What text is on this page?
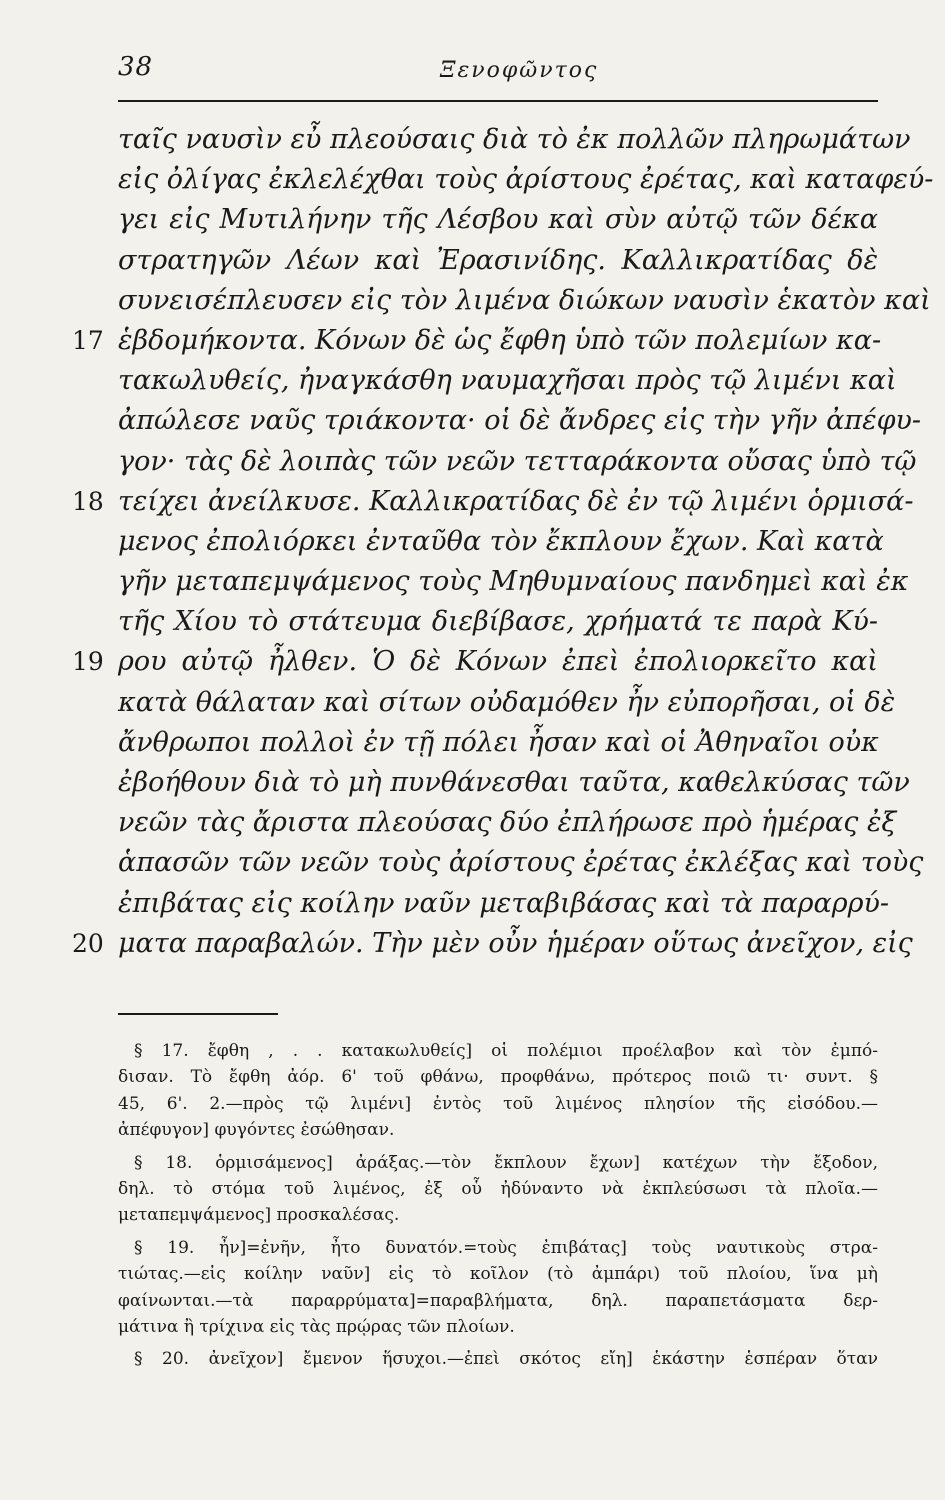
38	Ξενοφῶντος
ταῖς ναυσὶν εὖ πλεούσαις διὰ τὸ ἐκ πολλῶν πληρωμάτων
εἰς ὀλίγας ἐκλελέχθαι τοὺς ἀρίστους ἐρέτας, καὶ καταφεύ-
γει εἰς Μυτιλήνην τῆς Λέσβου καὶ σὺν αὐτῷ τῶν δέκα
στρατηγῶν Λέων καὶ Ἐρασινίδης. Καλλικρατίδας δὲ
συνεισέπλευσεν εἰς τὸν λιμένα διώκων ναυσὶν ἑκατὸν καὶ
17 ἑβδομήκοντα. Κόνων δὲ ὡς ἔφθη ὑπὸ τῶν πολεμίων κα-
τακωλυθείς, ἠναγκάσθη ναυμαχῆσαι πρὸς τῷ λιμένι καὶ
ἀπώλεσε ναῦς τριάκοντα· οἱ δὲ ἄνδρες εἰς τὴν γῆν ἀπέφυ-
γον· τὰς δὲ λοιπὰς τῶν νεῶν τετταράκοντα οὔσας ὑπὸ τῷ
18 τείχει ἀνείλκυσε. Καλλικρατίδας δὲ ἐν τῷ λιμένι ὁρμισά-
μενος ἐπολιόρκει ἐνταῦθα τὸν ἔκπλουν ἔχων. Καὶ κατὰ
γῆν μεταπεμψάμενος τοὺς Μηθυμναίους πανδημεὶ καὶ ἐκ
τῆς Χίου τὸ στάτευμα διεβίβασε, χρήματά τε παρὰ Κύ-
19 ρου αὐτῷ ἦλθεν. Ὁ δὲ Κόνων ἐπεὶ ἐπολιορκεῖτο καὶ
κατὰ θάλαταν καὶ σίτων οὐδαμόθεν ἦν εὐπορῆσαι, οἱ δὲ
ἄνθρωποι πολλοὶ ἐν τῇ πόλει ἦσαν καὶ οἱ Ἀθηναῖοι οὐκ
ἐβοήθουν διὰ τὸ μὴ πυνθάνεσθαι ταῦτα, καθελκύσας τῶν
νεῶν τὰς ἄριστα πλεούσας δύο ἐπλήρωσε πρὸ ἡμέρας ἐξ
ἁπασῶν τῶν νεῶν τοὺς ἀρίστους ἐρέτας ἐκλέξας καὶ τοὺς
ἐπιβάτας εἰς κοίλην ναῦν μεταβιβάσας καὶ τὰ παραρρύ-
20 ματα παραβαλών. Τὴν μὲν οὖν ἡμέραν οὕτως ἀνεῖχον, εἰς
§ 17. ἔφθη , . . κατακωλυθείς] οἱ πολέμιοι προέλαβον καὶ τὸν ἐμπό-
δισαν. Τὸ ἔφθη ἀόρ. 6' τοῦ φθάνω, προφθάνω, πρότερος ποιῶ τι· συντ. §
45, 6'. 2.—πρὸς τῷ λιμένι] ἐντὸς τοῦ λιμένος πλησίον τῆς εἰσόδου.—
ἀπέφυγον] φυγόντες ἐσώθησαν.
§ 18. ὁρμισάμενος] ἀράξας.—τὸν ἔκπλουν ἔχων] κατέχων τὴν ἔξοδον,
δηλ. τὸ στόμα τοῦ λιμένος, ἐξ οὗ ἠδύναντο νὰ ἐκπλεύσωσι τὰ πλοῖα.—
μεταπεμψάμενος] προσκαλέσας.
§ 19. ἦν]=ἐνῆν, ἦτο δυνατόν.=τοὺς ἐπιβάτας] τοὺς ναυτικοὺς στρα-
τιώτας.—εἰς κοίλην ναῦν] εἰς τὸ κοῖλον (τὸ ἀμπάρι) τοῦ πλοίου, ἵνα μὴ
φαίνωνται.—τὰ παραρρύματα]=παραβλήματα, δηλ. παραπετάσματα δερ-
μάτινα ἢ τρίχινα εἰς τὰς πρῴρας τῶν πλοίων.
§ 20. ἀνεῖχον] ἔμενον ἥσυχοι.—ἐπεὶ σκότος εἴη] ἑκάστην ἑσπέραν ὅταν
